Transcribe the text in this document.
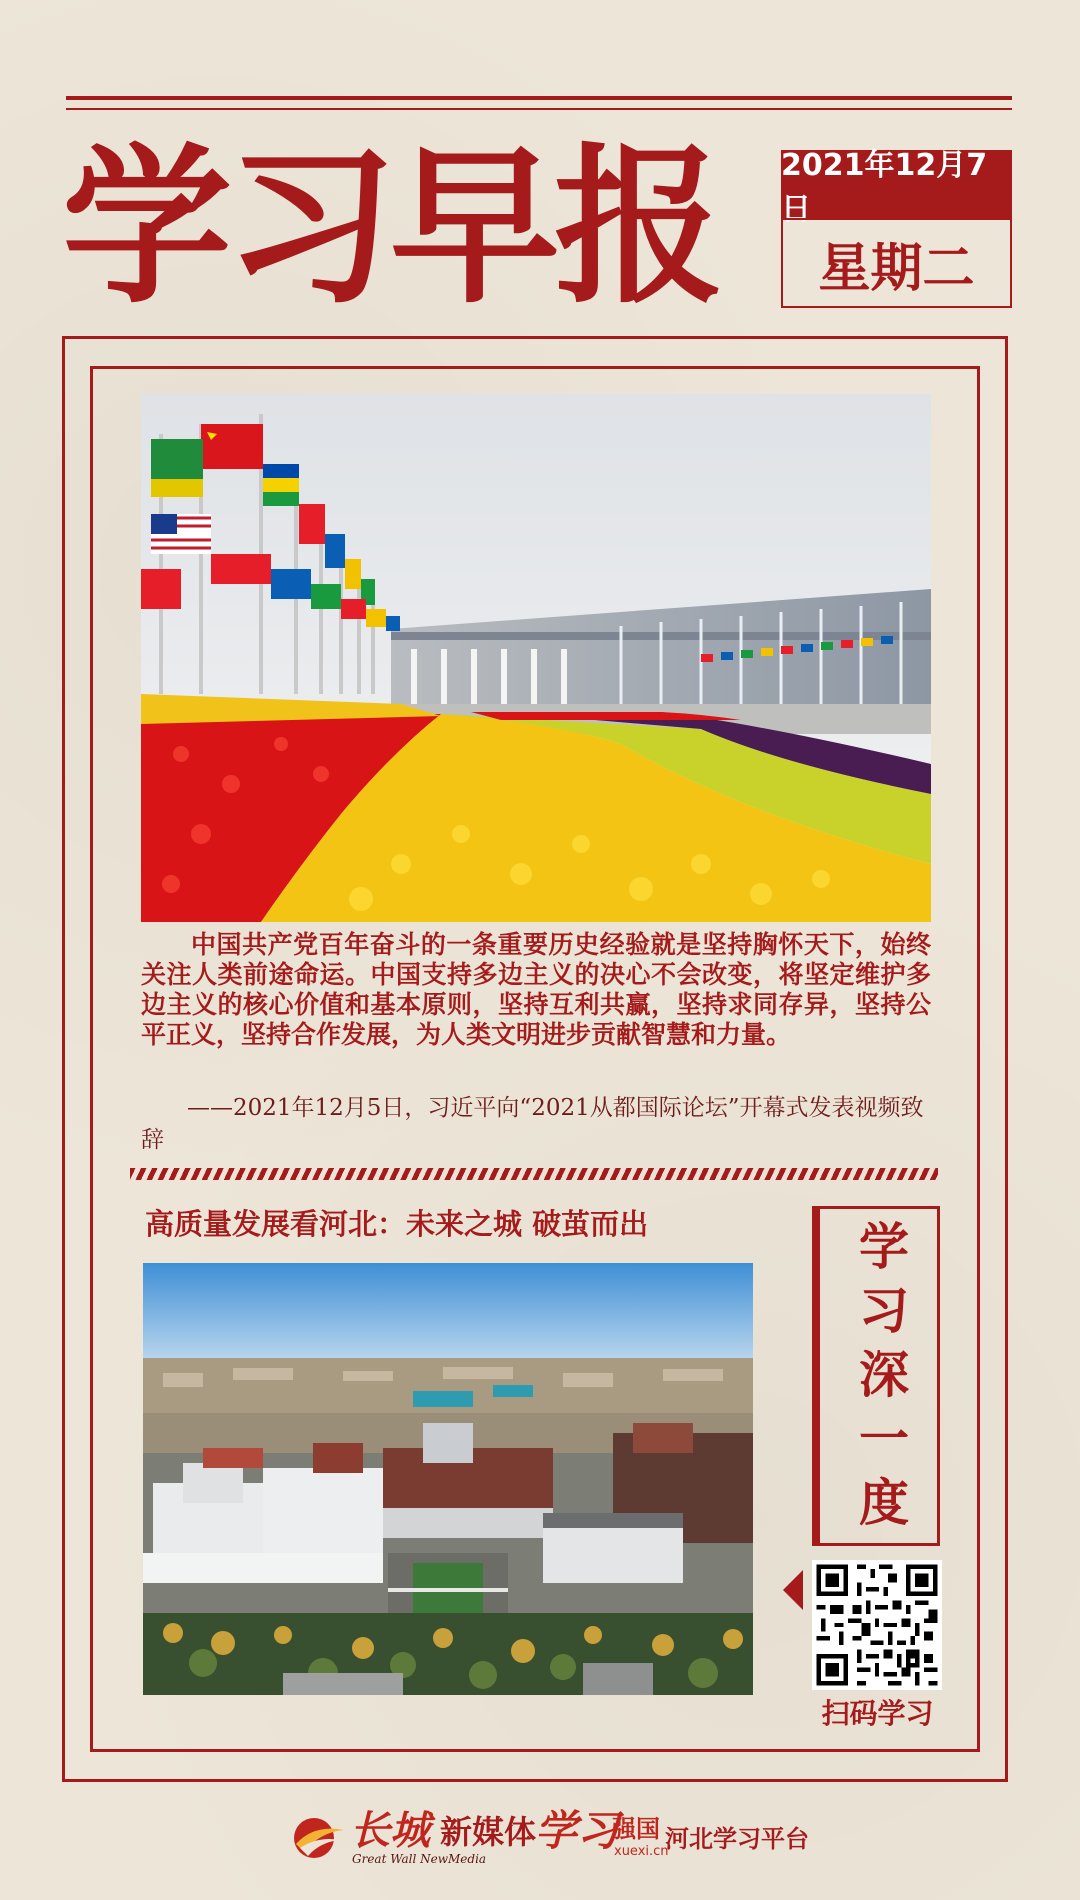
学习早报	2021年12月7日
星期二
中国共产党百年奋斗的一条重要历史经验就是坚持胸怀天下，始终关注人类前途命运。中国支持多边主义的决心不会改变，将坚定维护多边主义的核心价值和基本原则，坚持互利共赢，坚持求同存异，坚持公平正义，坚持合作发展，为人类文明进步贡献智慧和力量。
——2021年12月5日，习近平向“2021从都国际论坛”开幕式发表视频致辞
高质量发展看河北：未来之城 破茧而出	学
习
深
一
度
扫码学习
长城 新媒体
Great Wall NewMedia
学习
强国
xuexi.cn
河北学习平台
